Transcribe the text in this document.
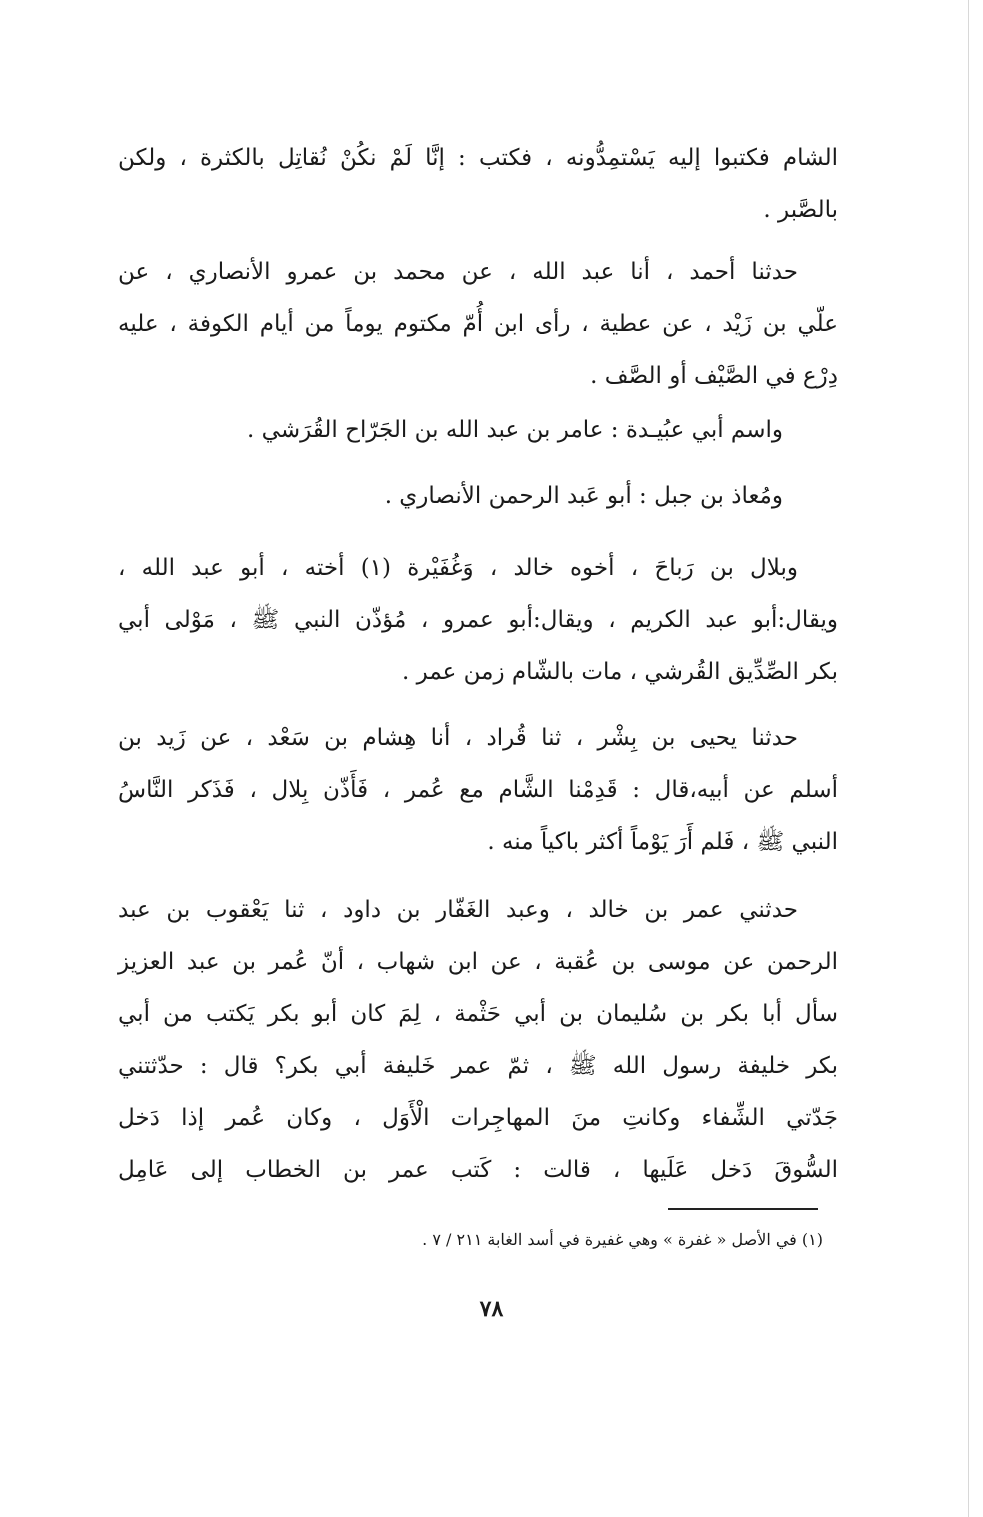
الشام فكتبوا إليه يَسْتمِدُّونه ، فكتب : إنَّا لَمْ نكُنْ نُقاتِل بالكثرة ، ولكن
بالصَّبر .
حدثنا أحمد ، أنا عبد الله ، عن محمد بن عمرو الأنصاري ، عن
علّي بن زَيْد ، عن عطية ، رأى ابن أُمّ مكتوم يوماً من أيام الكوفة ، عليه
دِرْع في الصَّيْف أو الصَّف .

واسم أبي عبُيـدة : عامر بن عبد الله بن الجَرّاح القُرَشي .

ومُعاذ بن جبل : أبو عَبد الرحمن الأنصاري .

وبلال بن رَباحَ ، أخوه خالد ، وَغُفَيْرة (١) أخته ، أبو عبد الله ،
ويقال:أبو عبد الكريم ، ويقال:أبو عمرو ، مُؤذّن النبي ﷺ ، مَوْلى أبي
بكر الصِّدِّيق القُرشي ، مات بالشّام زمن عمر .
حدثنا يحيى بن بِشْر ، ثنا قُراد ، أنا هِشام بن سَعْد ، عن زَيد بن
أسلم عن أبيه،قال : قَدِمْنا الشَّام مع عُمر ، فَأَذّن بِلال ، فَذَكر النَّاسُ
النبي ﷺ ، فَلم أَرَ يَوْماً أكثر باكياً منه .
حدثني عمر بن خالد ، وعبد الغَفّار بن داود ، ثنا يَعْقوب بن عبد
الرحمن عن موسى بن عُقبة ، عن ابن شهاب ، أنّ عُمر بن عبد العزيز
سأل أبا بكر بن سُليمان بن أبي حَثْمة ، لِمَ كان أبو بكر يَكتب من أبي
بكر خليفة رسول الله ﷺ ، ثمّ عمر خَليفة أبي بكر؟ قال : حدّثتني
جَدّتي الشِّفاء وكانتِ منَ المهاجِرات الْأَوَل ، وكان عُمر إذا دَخل
السُّوقَ دَخل عَلَيها ، قالت : كَتب عمر بن الخطاب إلى عَامِل

(١) في الأصل « غفرة » وهي غفيرة في أسد الغابة ٢١١ / ٧ .

٧٨
